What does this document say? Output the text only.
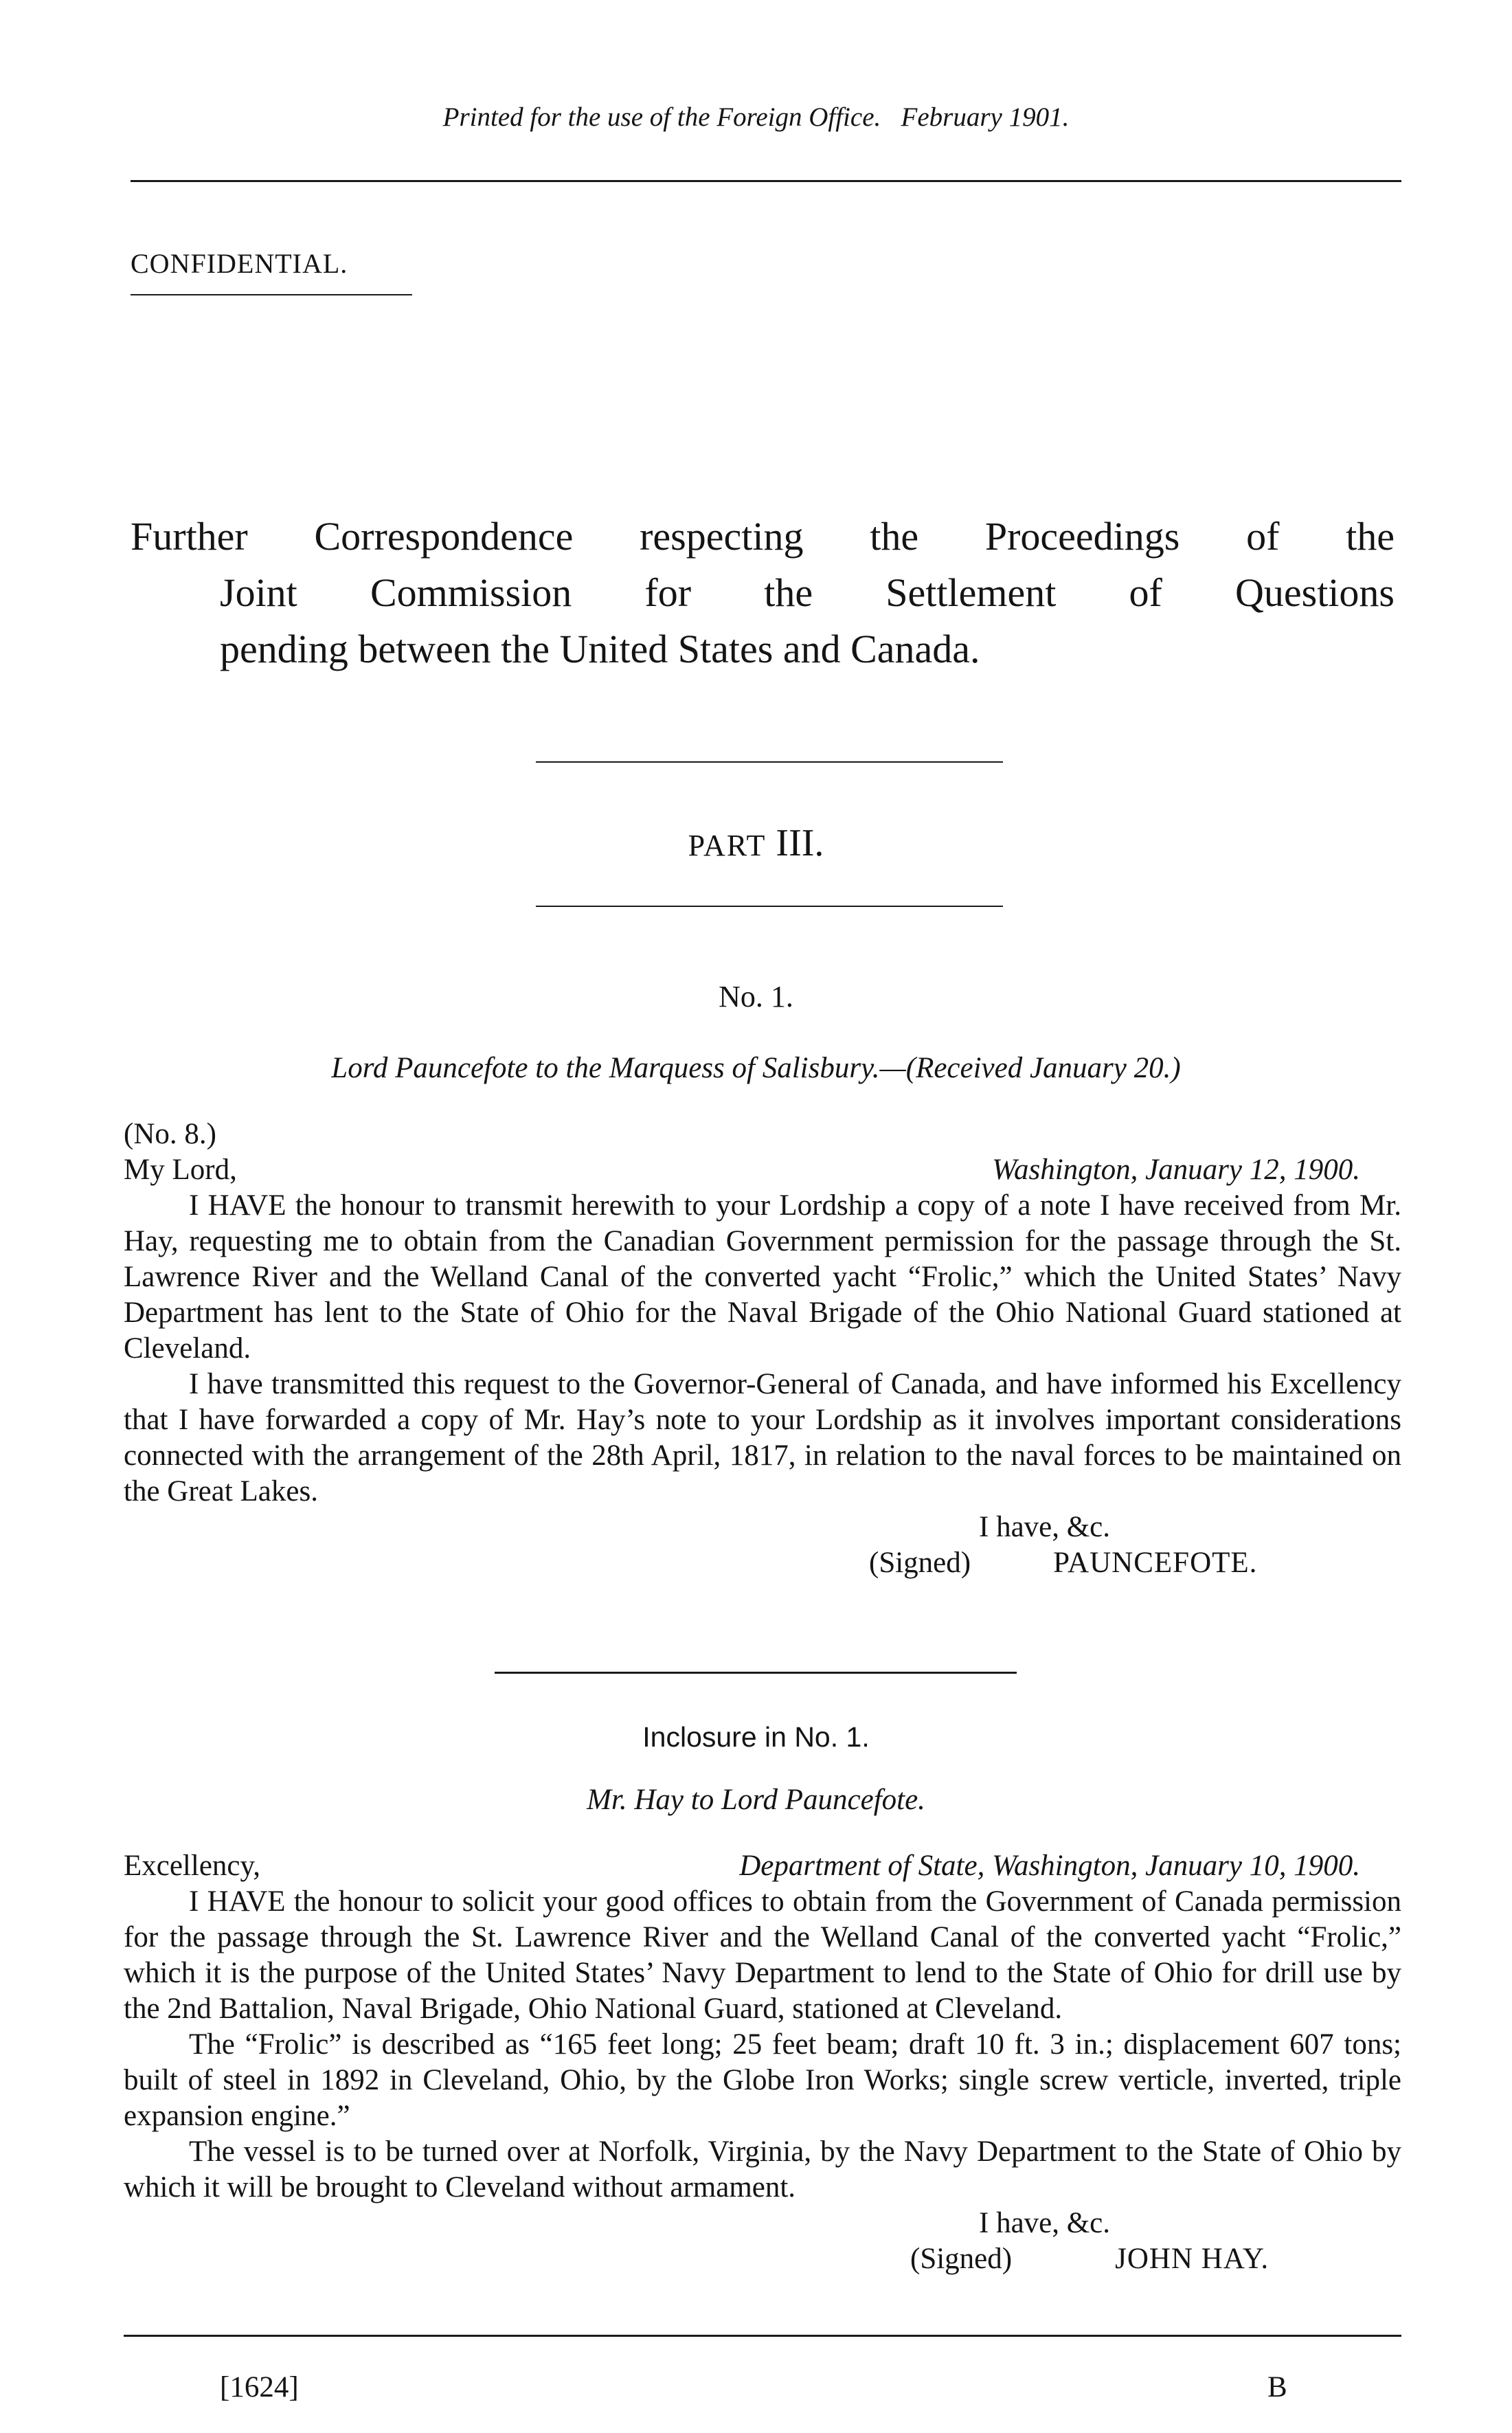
Printed for the use of the Foreign Office. February 1901.
CONFIDENTIAL.
Further Correspondence respecting the Proceedings of the
Joint Commission for the Settlement of Questions
pending between the United States and Canada.
PART III.
No. 1.
Lord Pauncefote to the Marquess of Salisbury.—(Received January 20.)
(No. 8.)
My Lord,	Washington, January 12, 1900.

I HAVE the honour to transmit herewith to your Lordship a copy of a note I have received from Mr. Hay, requesting me to obtain from the Canadian Government permission for the passage through the St. Lawrence River and the Welland Canal of the converted yacht “Frolic,” which the United States’ Navy Department has lent to the State of Ohio for the Naval Brigade of the Ohio National Guard stationed at Cleveland.

I have transmitted this request to the Governor-General of Canada, and have informed his Excellency that I have forwarded a copy of Mr. Hay’s note to your Lordship as it involves important considerations connected with the arrangement of the 28th April, 1817, in relation to the naval forces to be maintained on the Great Lakes.

I have, &c.
(Signed)	PAUNCEFOTE.
Inclosure in No. 1.
Mr. Hay to Lord Pauncefote.
Excellency,	Department of State, Washington, January 10, 1900.

I HAVE the honour to solicit your good offices to obtain from the Government of Canada permission for the passage through the St. Lawrence River and the Welland Canal of the converted yacht “Frolic,” which it is the purpose of the United States’ Navy Department to lend to the State of Ohio for drill use by the 2nd Battalion, Naval Brigade, Ohio National Guard, stationed at Cleveland.

The “Frolic” is described as “165 feet long; 25 feet beam; draft 10 ft. 3 in.; displacement 607 tons; built of steel in 1892 in Cleveland, Ohio, by the Globe Iron Works; single screw verticle, inverted, triple expansion engine.”

The vessel is to be turned over at Norfolk, Virginia, by the Navy Department to the State of Ohio by which it will be brought to Cleveland without armament.

I have, &c.
(Signed)	JOHN HAY.
[1624]	B
